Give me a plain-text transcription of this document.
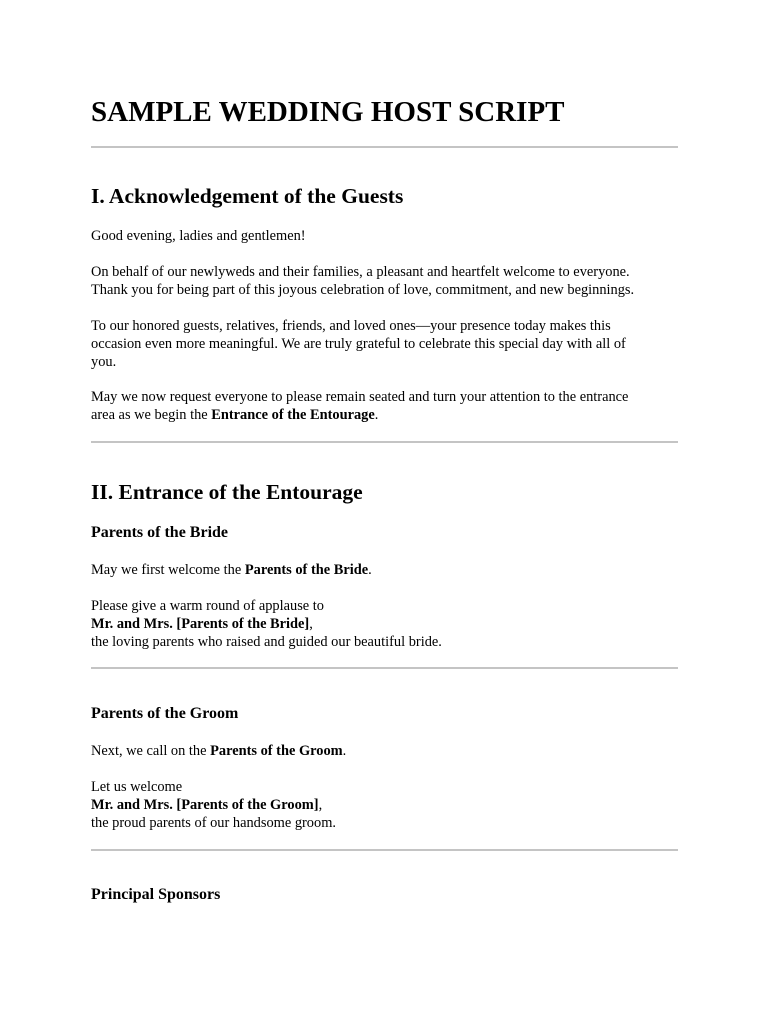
SAMPLE WEDDING HOST SCRIPT
I. Acknowledgement of the Guests

Good evening, ladies and gentlemen!

On behalf of our newlyweds and their families, a pleasant and heartfelt welcome to everyone.
Thank you for being part of this joyous celebration of love, commitment, and new beginnings.

To our honored guests, relatives, friends, and loved ones—your presence today makes this
occasion even more meaningful. We are truly grateful to celebrate this special day with all of
you.

May we now request everyone to please remain seated and turn your attention to the entrance
area as we begin the Entrance of the Entourage.

II. Entrance of the Entourage
Parents of the Bride

May we first welcome the Parents of the Bride.

Please give a warm round of applause to
Mr. and Mrs. [Parents of the Bride],
the loving parents who raised and guided our beautiful bride.

Parents of the Groom

Next, we call on the Parents of the Groom.

Let us welcome
Mr. and Mrs. [Parents of the Groom],
the proud parents of our handsome groom.

Principal Sponsors
